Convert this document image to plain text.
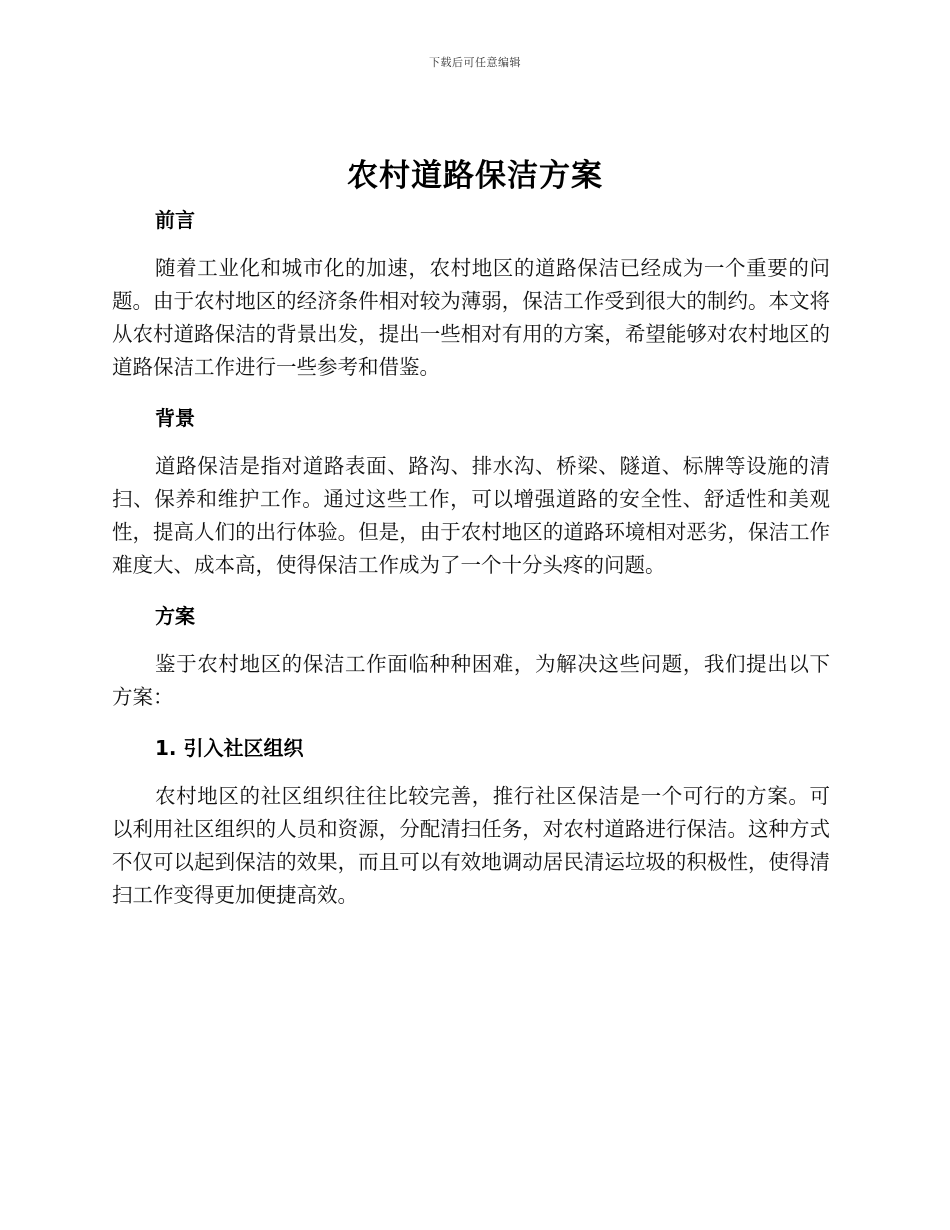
下载后可任意编辑
农村道路保洁方案
前言

随着工业化和城市化的加速，农村地区的道路保洁已经成为一个重要的问题。由于农村地区的经济条件相对较为薄弱，保洁工作受到很大的制约。本文将从农村道路保洁的背景出发，提出一些相对有用的方案，希望能够对农村地区的道路保洁工作进行一些参考和借鉴。

背景

道路保洁是指对道路表面、路沟、排水沟、桥梁、隧道、标牌等设施的清扫、保养和维护工作。通过这些工作，可以增强道路的安全性、舒适性和美观性，提高人们的出行体验。但是，由于农村地区的道路环境相对恶劣，保洁工作难度大、成本高，使得保洁工作成为了一个十分头疼的问题。

方案

鉴于农村地区的保洁工作面临种种困难，为解决这些问题，我们提出以下方案：

1. 引入社区组织

农村地区的社区组织往往比较完善，推行社区保洁是一个可行的方案。可以利用社区组织的人员和资源，分配清扫任务，对农村道路进行保洁。这种方式不仅可以起到保洁的效果，而且可以有效地调动居民清运垃圾的积极性，使得清扫工作变得更加便捷高效。
